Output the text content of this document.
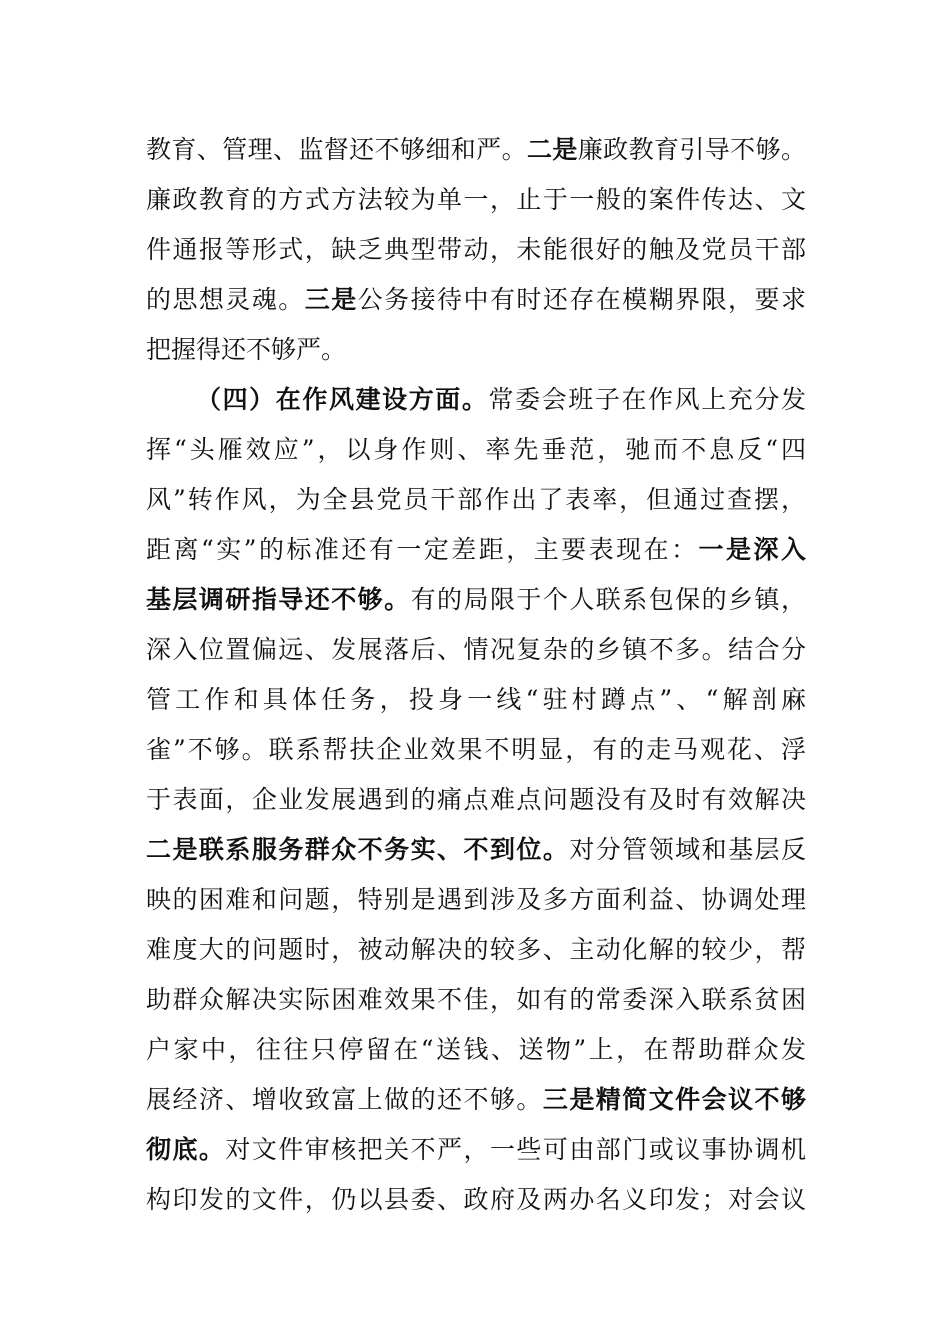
教育、管理、监督还不够细和严。二是廉政教育引导不够。
廉政教育的方式方法较为单一，止于一般的案件传达、文
件通报等形式，缺乏典型带动，未能很好的触及党员干部
的思想灵魂。三是公务接待中有时还存在模糊界限，要求
把握得还不够严。
（四）在作风建设方面。常委会班子在作风上充分发
挥“头雁效应”，以身作则、率先垂范，驰而不息反“四
风”转作风，为全县党员干部作出了表率，但通过查摆，
距离“实”的标准还有一定差距，主要表现在：一是深入
基层调研指导还不够。有的局限于个人联系包保的乡镇，
深入位置偏远、发展落后、情况复杂的乡镇不多。结合分
管工作和具体任务，投身一线“驻村蹲点”、“解剖麻
雀”不够。联系帮扶企业效果不明显，有的走马观花、浮
于表面，企业发展遇到的痛点难点问题没有及时有效解决
二是联系服务群众不务实、不到位。对分管领域和基层反
映的困难和问题，特别是遇到涉及多方面利益、协调处理
难度大的问题时，被动解决的较多、主动化解的较少，帮
助群众解决实际困难效果不佳，如有的常委深入联系贫困
户家中，往往只停留在“送钱、送物”上，在帮助群众发
展经济、增收致富上做的还不够。三是精简文件会议不够
彻底。对文件审核把关不严，一些可由部门或议事协调机
构印发的文件，仍以县委、政府及两办名义印发；对会议
